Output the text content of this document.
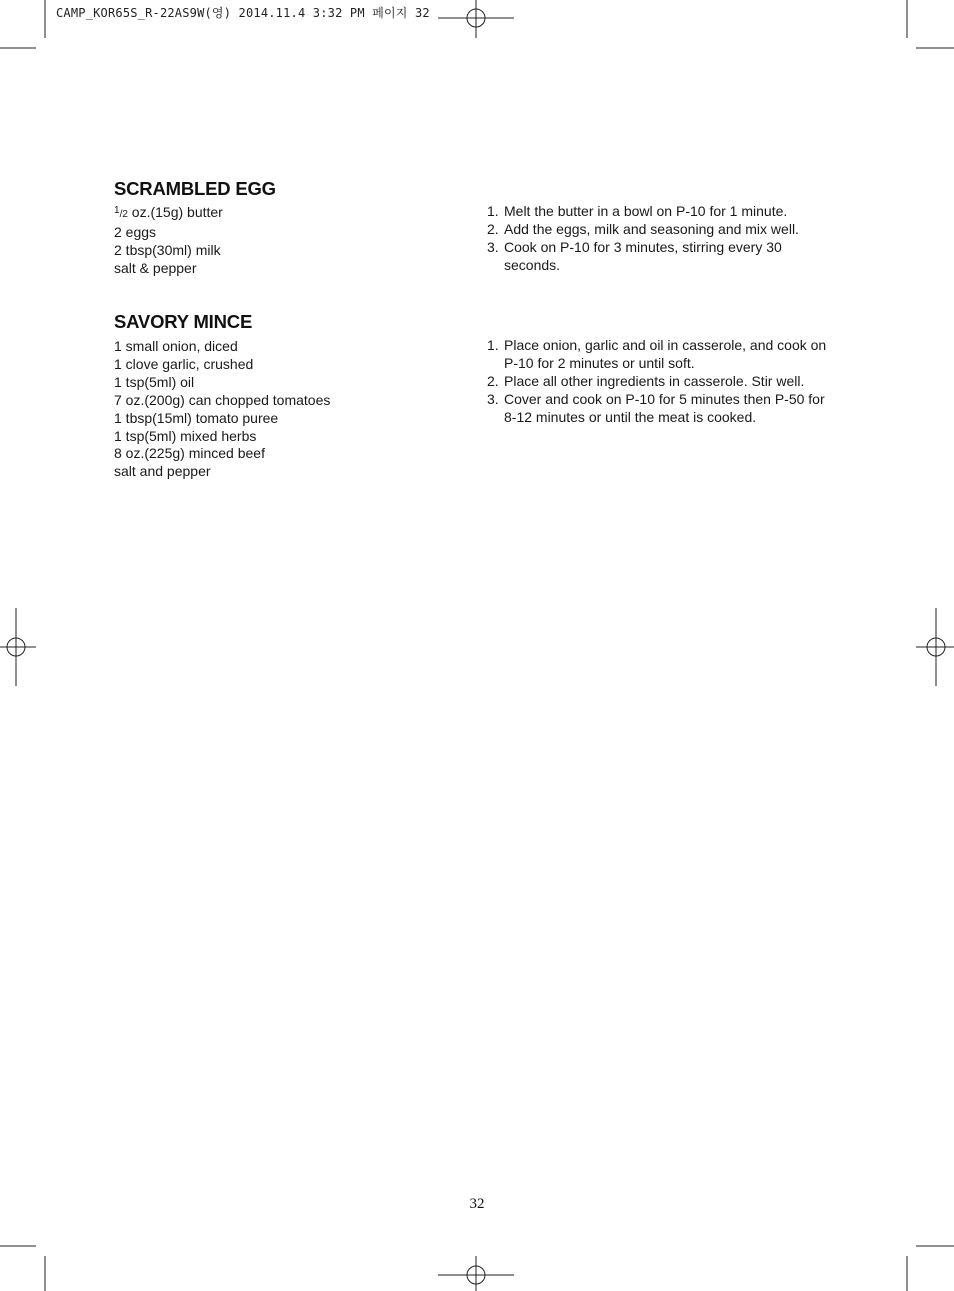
CAMP_KOR65S_R-22AS9W(영) 2014.11.4 3:32 PM 페이지 32
SCRAMBLED EGG
$^1$/2 oz.(15g) butter
2 eggs
2 tbsp(30ml) milk
salt & pepper
1. Melt the butter in a bowl on P-10 for 1 minute.
2. Add the eggs, milk and seasoning and mix well.
3. Cook on P-10 for 3 minutes, stirring every 30 seconds.
SAVORY MINCE
1 small onion, diced
1 clove garlic, crushed
1 tsp(5ml) oil
7 oz.(200g) can chopped tomatoes
1 tbsp(15ml) tomato puree
1 tsp(5ml) mixed herbs
8 oz.(225g) minced beef
salt and pepper
1. Place onion, garlic and oil in casserole, and cook on P-10 for 2 minutes or until soft.
2. Place all other ingredients in casserole. Stir well.
3. Cover and cook on P-10 for 5 minutes then P-50 for 8-12 minutes or until the meat is cooked.
32
